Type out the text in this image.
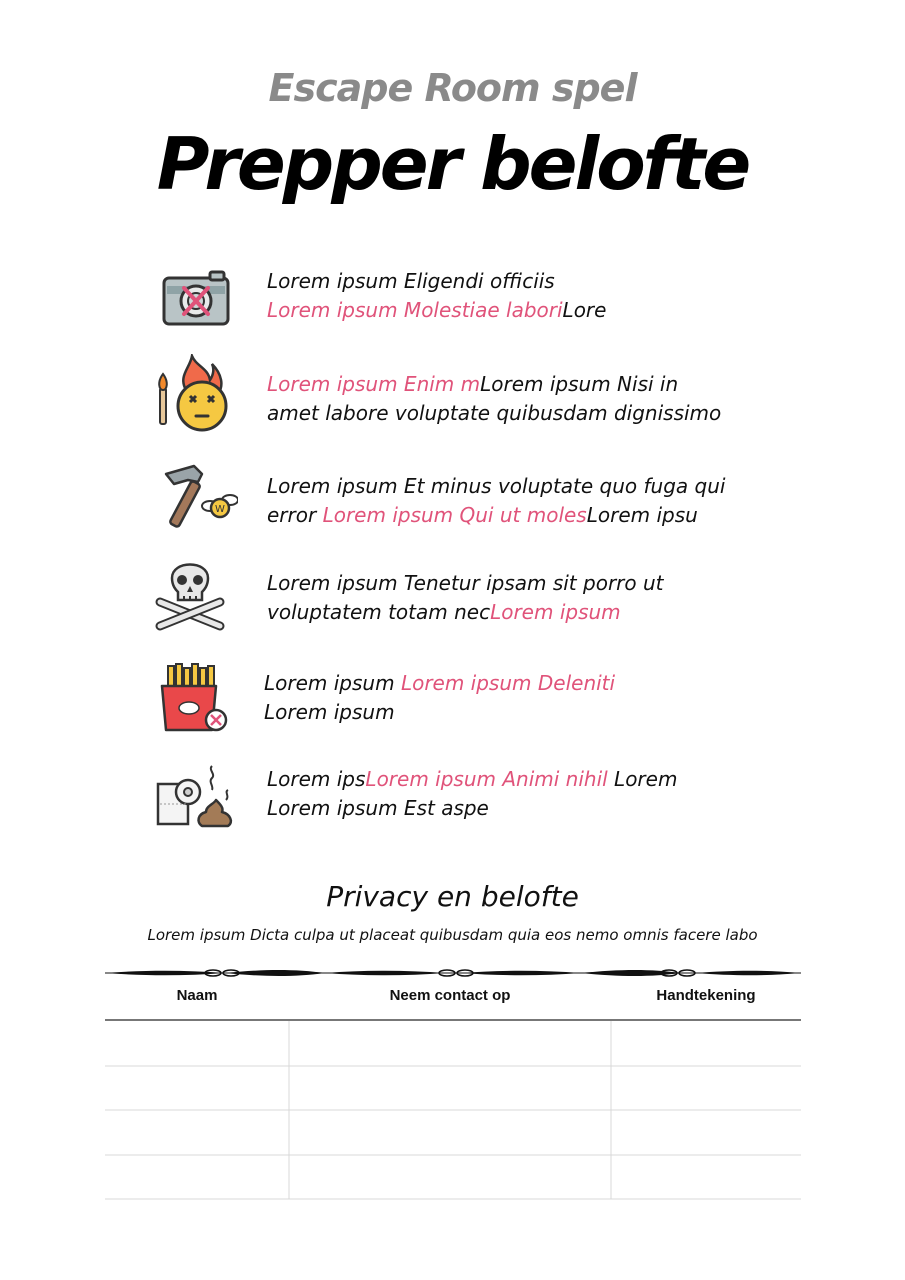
Escape Room spel
Prepper belofte
Lorem ipsum Eligendi officiis
Lorem ipsum Molestiae laboriLore
Lorem ipsum Enim mLorem ipsum Nisi in
amet labore voluptate quibusdam dignissimo
W
Lorem ipsum Et minus voluptate quo fuga qui
error Lorem ipsum Qui ut molesLorem ipsu
Lorem ipsum Tenetur ipsam sit porro ut
voluptatem totam necLorem ipsum
Lorem ipsum Lorem ipsum Deleniti
Lorem ipsum
Lorem ipsLorem ipsum Animi nihil Lorem
Lorem ipsum Est aspe
Privacy en belofte
Lorem ipsum Dicta culpa ut placeat quibusdam quia eos nemo omnis facere labo
Naam	Neem contact op	Handtekening
